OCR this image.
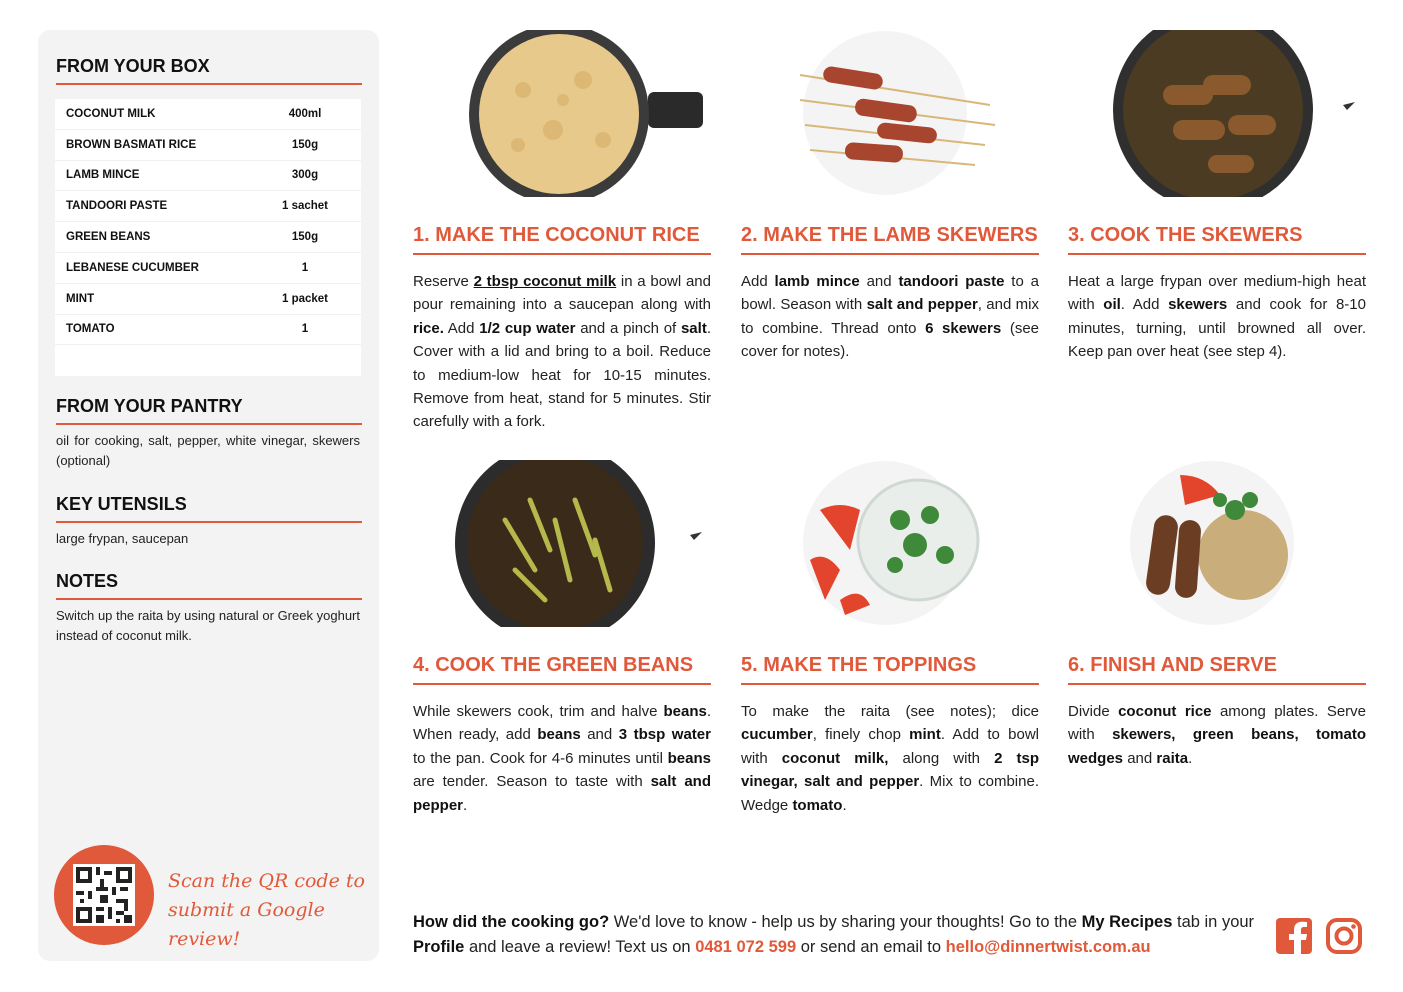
FROM YOUR BOX
COCONUT MILK	400ml
BROWN BASMATI RICE	150g
LAMB MINCE	300g
TANDOORI PASTE	1 sachet
GREEN BEANS	150g
LEBANESE CUCUMBER	1
MINT	1 packet
TOMATO	1
FROM YOUR PANTRY
oil for cooking, salt, pepper, white vinegar, skewers (optional)
KEY UTENSILS
large frypan, saucepan
NOTES
Switch up the raita by using natural or Greek yoghurt instead of coconut milk.
Scan the QR code to submit a Google review!
1. MAKE THE COCONUT RICE
Reserve 2 tbsp coconut milk in a bowl and pour remaining into a saucepan along with rice. Add 1/2 cup water and a pinch of salt. Cover with a lid and bring to a boil. Reduce to medium-low heat for 10-15 minutes. Remove from heat, stand for 5 minutes. Stir carefully with a fork.
2. MAKE THE LAMB SKEWERS
Add lamb mince and tandoori paste to a bowl. Season with salt and pepper, and mix to combine. Thread onto 6 skewers (see cover for notes).
3. COOK THE SKEWERS
Heat a large frypan over medium-high heat with oil. Add skewers and cook for 8-10 minutes, turning, until browned all over. Keep pan over heat (see step 4).
4. COOK THE GREEN BEANS
While skewers cook, trim and halve beans. When ready, add beans and 3 tbsp water to the pan. Cook for 4-6 minutes until beans are tender. Season to taste with salt and pepper.
5. MAKE THE TOPPINGS
To make the raita (see notes); dice cucumber, finely chop mint. Add to bowl with coconut milk, along with 2 tsp vinegar, salt and pepper. Mix to combine. Wedge tomato.
6. FINISH AND SERVE
Divide coconut rice among plates. Serve with skewers, green beans, tomato wedges and raita.
How did the cooking go? We'd love to know - help us by sharing your thoughts! Go to the My Recipes tab in your Profile and leave a review! Text us on 0481 072 599 or send an email to hello@dinnertwist.com.au
